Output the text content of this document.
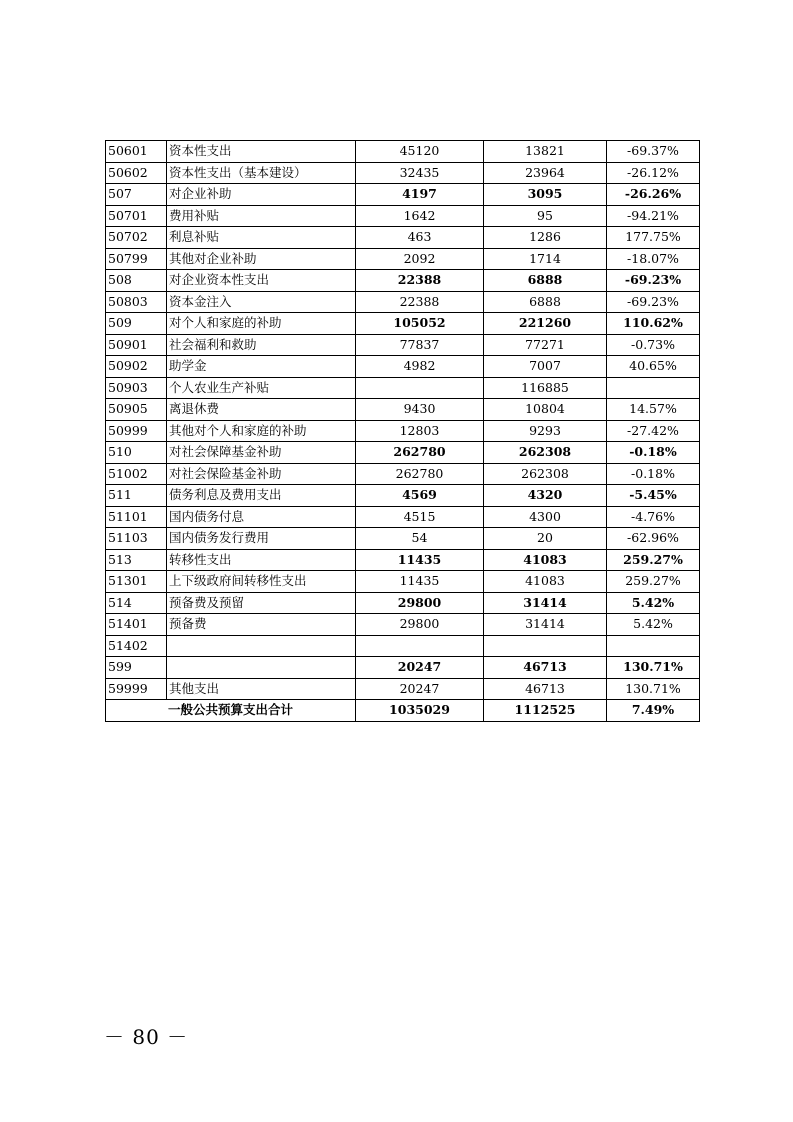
50601	资本性支出	45120	13821	-69.37%
50602	资本性支出（基本建设）	32435	23964	-26.12%
507	对企业补助	4197	3095	-26.26%
50701	费用补贴	1642	95	-94.21%
50702	利息补贴	463	1286	177.75%
50799	其他对企业补助	2092	1714	-18.07%
508	对企业资本性支出	22388	6888	-69.23%
50803	资本金注入	22388	6888	-69.23%
509	对个人和家庭的补助	105052	221260	110.62%
50901	社会福利和救助	77837	77271	-0.73%
50902	助学金	4982	7007	40.65%
50903	个人农业生产补贴		116885	
50905	离退休费	9430	10804	14.57%
50999	其他对个人和家庭的补助	12803	9293	-27.42%
510	对社会保障基金补助	262780	262308	-0.18%
51002	对社会保险基金补助	262780	262308	-0.18%
511	债务利息及费用支出	4569	4320	-5.45%
51101	国内债务付息	4515	4300	-4.76%
51103	国内债务发行费用	54	20	-62.96%
513	转移性支出	11435	41083	259.27%
51301	上下级政府间转移性支出	11435	41083	259.27%
514	预备费及预留	29800	31414	5.42%
51401	预备费	29800	31414	5.42%
51402				
599		20247	46713	130.71%
59999	其他支出	20247	46713	130.71%
一般公共预算支出合计		1035029	1112525	7.49%
－ 80 －
